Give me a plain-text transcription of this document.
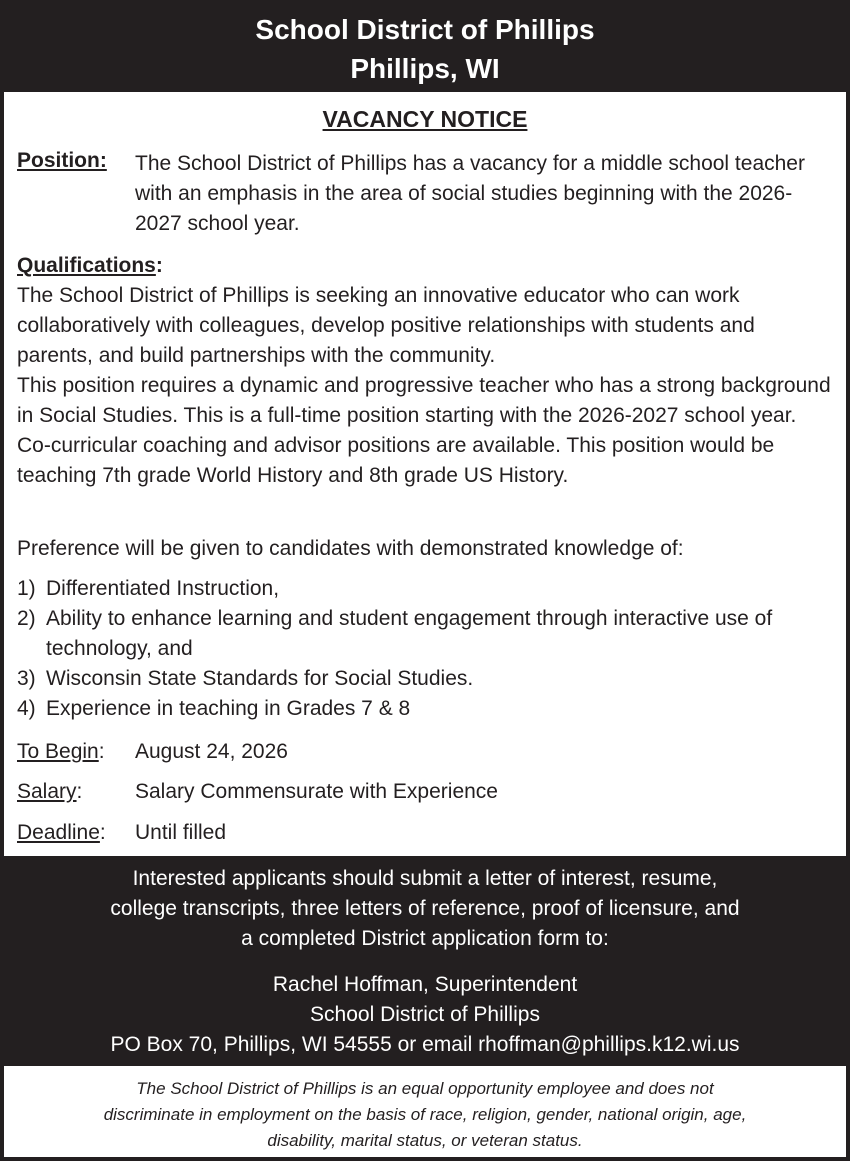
School District of Phillips
Phillips, WI
VACANCY NOTICE
Position: The School District of Phillips has a vacancy for a middle school teacher with an emphasis in the area of social studies beginning with the 2026-2027 school year.
Qualifications:
The School District of Phillips is seeking an innovative educator who can work collaboratively with colleagues, develop positive relationships with students and parents, and build partnerships with the community.
This position requires a dynamic and progressive teacher who has a strong background in Social Studies. This is a full-time position starting with the 2026-2027 school year. Co-curricular coaching and advisor positions are available. This position would be teaching 7th grade World History and 8th grade US History.
Preference will be given to candidates with demonstrated knowledge of:
1) Differentiated Instruction,
2) Ability to enhance learning and student engagement through interactive use of technology, and
3) Wisconsin State Standards for Social Studies.
4) Experience in teaching in Grades 7 & 8
To Begin: August 24, 2026
Salary:	Salary Commensurate with Experience
Deadline: Until filled
Interested applicants should submit a letter of interest, resume,
college transcripts, three letters of reference, proof of licensure, and
a completed District application form to:
Rachel Hoffman, Superintendent
School District of Phillips
PO Box 70, Phillips, WI 54555 or email rhoffman@phillips.k12.wi.us
The School District of Phillips is an equal opportunity employee and does not
discriminate in employment on the basis of race, religion, gender, national origin, age,
disability, marital status, or veteran status.
